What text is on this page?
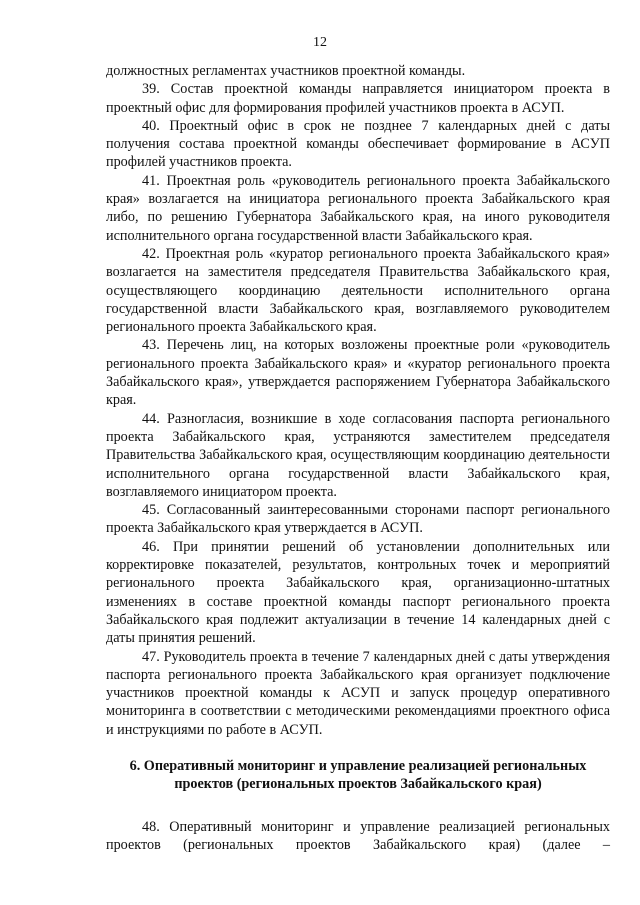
12

должностных регламентах участников проектной команды.

39. Состав проектной команды направляется инициатором проекта в проектный офис для формирования профилей участников проекта в АСУП.

40. Проектный офис в срок не позднее 7 календарных дней с даты получения состава проектной команды обеспечивает формирование в АСУП профилей участников проекта.

41. Проектная роль «руководитель регионального проекта Забайкальского края» возлагается на инициатора регионального проекта Забайкальского края либо, по решению Губернатора Забайкальского края, на иного руководителя исполнительного органа государственной власти Забайкальского края.

42. Проектная роль «куратор регионального проекта Забайкальского края» возлагается на заместителя председателя Правительства Забайкальского края, осуществляющего координацию деятельности исполнительного органа государственной власти Забайкальского края, возглавляемого руководителем регионального проекта Забайкальского края.

43. Перечень лиц, на которых возложены проектные роли «руководитель регионального проекта Забайкальского края» и «куратор регионального проекта Забайкальского края», утверждается распоряжением Губернатора Забайкальского края.

44. Разногласия, возникшие в ходе согласования паспорта регионального проекта Забайкальского края, устраняются заместителем председателя Правительства Забайкальского края, осуществляющим координацию деятельности исполнительного органа государственной власти Забайкальского края, возглавляемого инициатором проекта.

45. Согласованный заинтересованными сторонами паспорт регионального проекта Забайкальского края утверждается в АСУП.

46. При принятии решений об установлении дополнительных или корректировке показателей, результатов, контрольных точек и мероприятий регионального проекта Забайкальского края, организационно-штатных изменениях в составе проектной команды паспорт регионального проекта Забайкальского края подлежит актуализации в течение 14 календарных дней с даты принятия решений.

47. Руководитель проекта в течение 7 календарных дней с даты утверждения паспорта регионального проекта Забайкальского края организует подключение участников проектной команды к АСУП и запуск процедур оперативного мониторинга в соответствии с методическими рекомендациями проектного офиса и инструкциями по работе в АСУП.

6. Оперативный мониторинг и управление реализацией региональных
проектов (региональных проектов Забайкальского края)

48. Оперативный мониторинг и управление реализацией региональных проектов (региональных проектов Забайкальского края) (далее –
